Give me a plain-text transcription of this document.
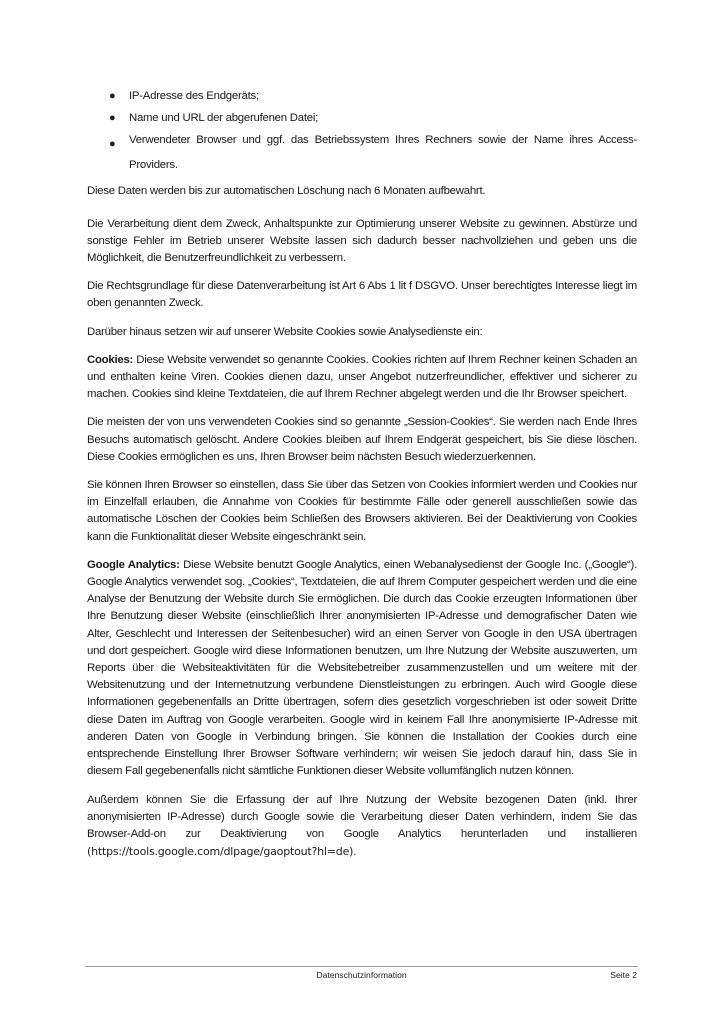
● IP-Adresse des Endgeräts;
● Name und URL der abgerufenen Datei;
● Verwendeter Browser und ggf. das Betriebssystem Ihres Rechners sowie der Name ihres Access-Providers.

Diese Daten werden bis zur automatischen Löschung nach 6 Monaten aufbewahrt.

Die Verarbeitung dient dem Zweck, Anhaltspunkte zur Optimierung unserer Website zu gewinnen. Abstürze und sonstige Fehler im Betrieb unserer Website lassen sich dadurch besser nachvollziehen und geben uns die Möglichkeit, die Benutzerfreundlichkeit zu verbessern.

Die Rechtsgrundlage für diese Datenverarbeitung ist Art 6 Abs 1 lit f DSGVO. Unser berechtigtes Interesse liegt im oben genannten Zweck.

Darüber hinaus setzen wir auf unserer Website Cookies sowie Analysedienste ein:

Cookies: Diese Website verwendet so genannte Cookies. Cookies richten auf Ihrem Rechner keinen Schaden an und enthalten keine Viren. Cookies dienen dazu, unser Angebot nutzerfreundlicher, effektiver und sicherer zu machen. Cookies sind kleine Textdateien, die auf Ihrem Rechner abgelegt werden und die Ihr Browser speichert.

Die meisten der von uns verwendeten Cookies sind so genannte „Session-Cookies“. Sie werden nach Ende Ihres Besuchs automatisch gelöscht. Andere Cookies bleiben auf Ihrem Endgerät gespeichert, bis Sie diese löschen. Diese Cookies ermöglichen es uns, Ihren Browser beim nächsten Besuch wiederzuerkennen.

Sie können Ihren Browser so einstellen, dass Sie über das Setzen von Cookies informiert werden und Cookies nur im Einzelfall erlauben, die Annahme von Cookies für bestimmte Fälle oder generell ausschließen sowie das automatische Löschen der Cookies beim Schließen des Browsers aktivieren. Bei der Deaktivierung von Cookies kann die Funktionalität dieser Website eingeschränkt sein.

Google Analytics: Diese Website benutzt Google Analytics, einen Webanalysedienst der Google Inc. („Google“). Google Analytics verwendet sog. „Cookies“, Textdateien, die auf Ihrem Computer gespeichert werden und die eine Analyse der Benutzung der Website durch Sie ermöglichen. Die durch das Cookie erzeugten Informationen über Ihre Benutzung dieser Website (einschließlich Ihrer anonymisierten IP-Adresse und demografischer Daten wie Alter, Geschlecht und Interessen der Seitenbesucher) wird an einen Server von Google in den USA übertragen und dort gespeichert. Google wird diese Informationen benutzen, um Ihre Nutzung der Website auszuwerten, um Reports über die Websiteaktivitäten für die Websitebetreiber zusammenzustellen und um weitere mit der Websitenutzung und der Internetnutzung verbundene Dienstleistungen zu erbringen. Auch wird Google diese Informationen gegebenenfalls an Dritte übertragen, sofern dies gesetzlich vorgeschrieben ist oder soweit Dritte diese Daten im Auftrag von Google verarbeiten. Google wird in keinem Fall Ihre anonymisierte IP-Adresse mit anderen Daten von Google in Verbindung bringen. Sie können die Installation der Cookies durch eine entsprechende Einstellung Ihrer Browser Software verhindern; wir weisen Sie jedoch darauf hin, dass Sie in diesem Fall gegebenenfalls nicht sämtliche Funktionen dieser Website vollumfänglich nutzen können.

Außerdem können Sie die Erfassung der auf Ihre Nutzung der Website bezogenen Daten (inkl. Ihrer anonymisierten IP-Adresse) durch Google sowie die Verarbeitung dieser Daten verhindern, indem Sie das Browser-Add-on zur Deaktivierung von Google Analytics herunterladen und installieren (https://tools.google.com/dlpage/gaoptout?hl=de).

Datenschutzinformation	Seite 2
